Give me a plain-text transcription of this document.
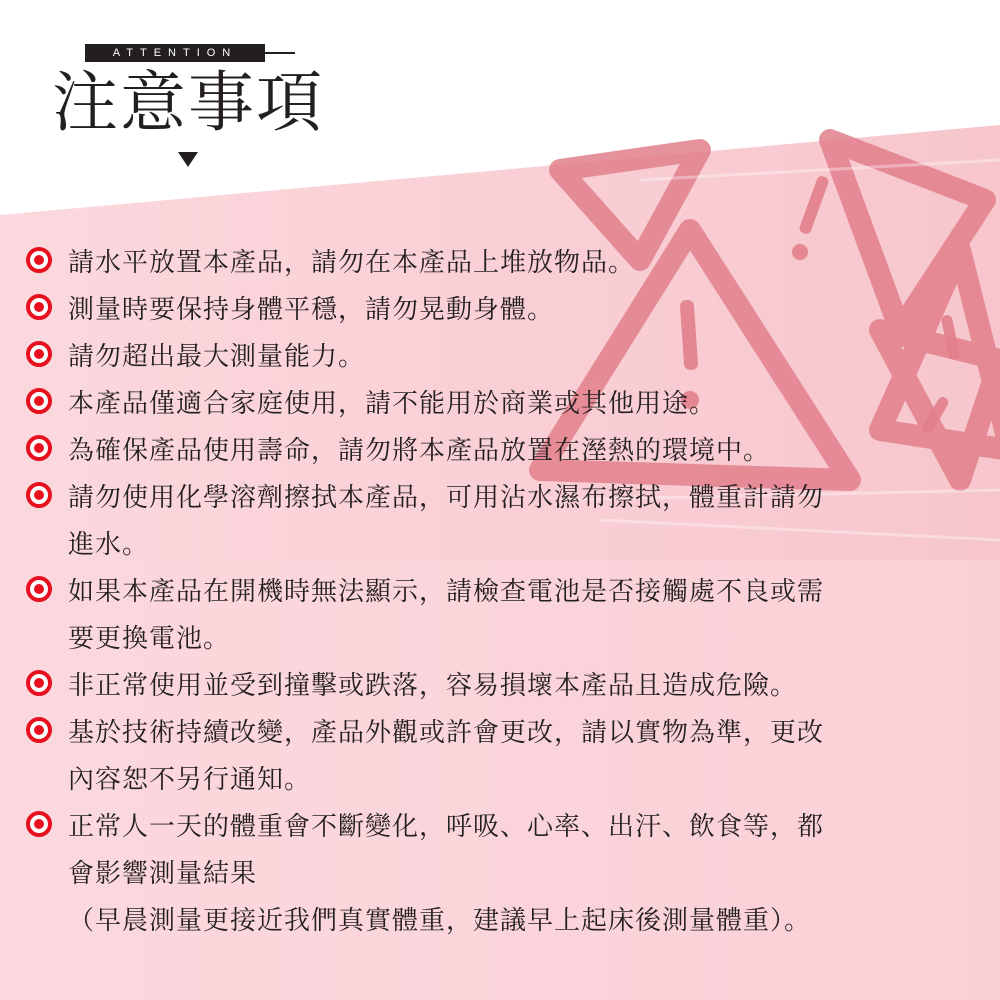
ATTENTION
注意事項
請水平放置本產品，請勿在本產品上堆放物品。
測量時要保持身體平穩，請勿晃動身體。
請勿超出最大測量能力。
本產品僅適合家庭使用，請不能用於商業或其他用途。
為確保產品使用壽命，請勿將本產品放置在溼熱的環境中。
請勿使用化學溶劑擦拭本產品，可用沾水濕布擦拭，體重計請勿
進水。
如果本產品在開機時無法顯示，請檢查電池是否接觸處不良或需
要更換電池。
非正常使用並受到撞擊或跌落，容易損壞本產品且造成危險。
基於技術持續改變，產品外觀或許會更改，請以實物為準，更改
內容恕不另行通知。
正常人一天的體重會不斷變化，呼吸、心率、出汗、飲食等，都
會影響測量結果
（早晨測量更接近我們真實體重，建議早上起床後測量體重）。
